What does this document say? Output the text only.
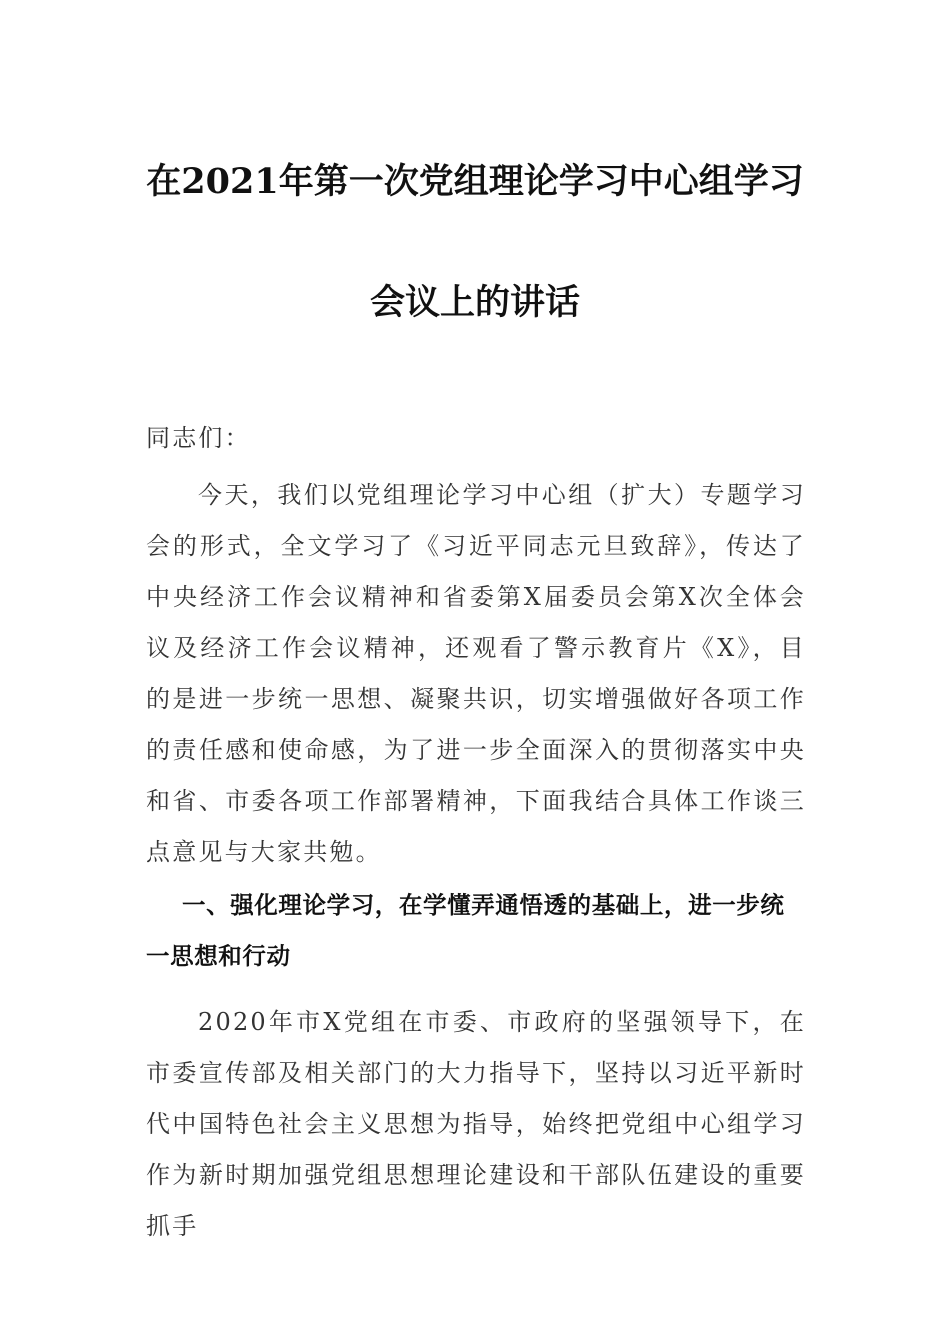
在2021年第一次党组理论学习中心组学习
会议上的讲话

同志们：

今天，我们以党组理论学习中心组（扩大）专题学习会的形式，全文学习了《习近平同志元旦致辞》，传达了中央经济工作会议精神和省委第X届委员会第X次全体会议及经济工作会议精神，还观看了警示教育片《X》，目的是进一步统一思想、凝聚共识，切实增强做好各项工作的责任感和使命感，为了进一步全面深入的贯彻落实中央和省、市委各项工作部署精神，下面我结合具体工作谈三点意见与大家共勉。

一、强化理论学习，在学懂弄通悟透的基础上，进一步统一思想和行动

2020年市X党组在市委、市政府的坚强领导下，在市委宣传部及相关部门的大力指导下，坚持以习近平新时代中国特色社会主义思想为指导，始终把党组中心组学习作为新时期加强党组思想理论建设和干部队伍建设的重要抓手
